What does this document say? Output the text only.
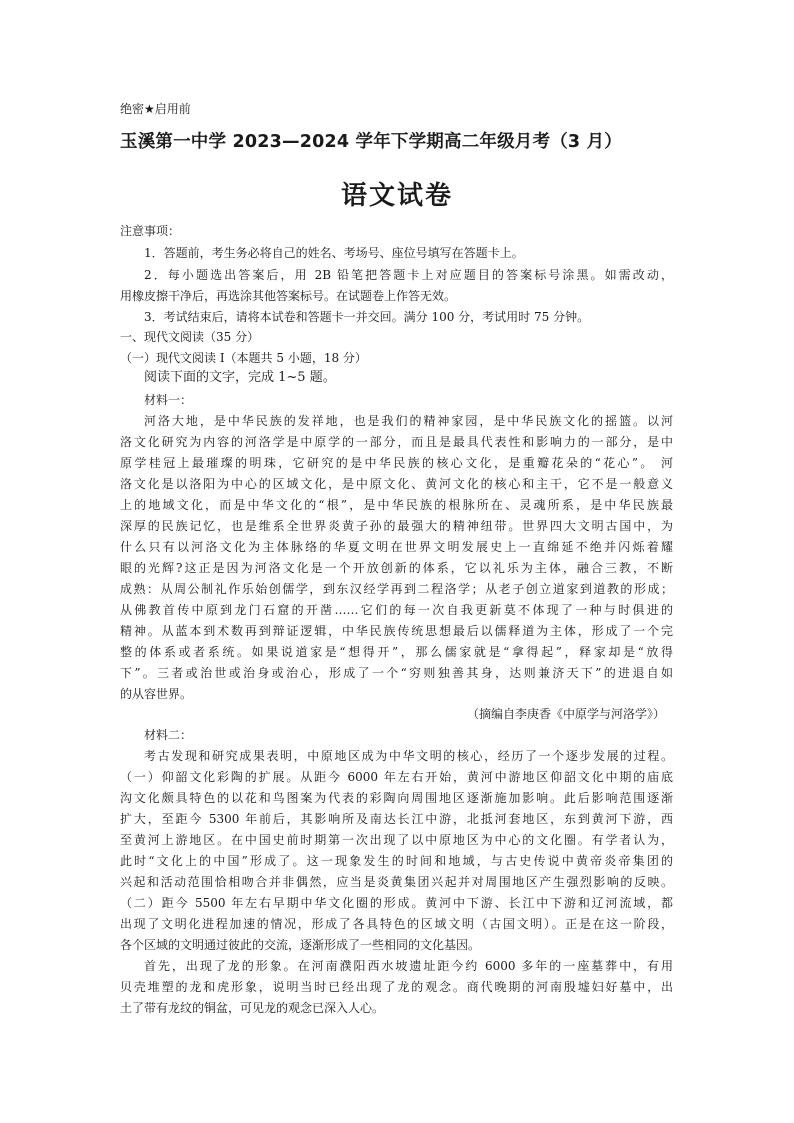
绝密★启用前
玉溪第一中学 2023—2024 学年下学期高二年级月考（3 月）
语文试卷
注意事项：
1．答题前，考生务必将自己的姓名、考场号、座位号填写在答题卡上。
2．每小题选出答案后，用 2B 铅笔把答题卡上对应题目的答案标号涂黑。如需改动，
用橡皮擦干净后，再选涂其他答案标号。在试题卷上作答无效。
3．考试结束后，请将本试卷和答题卡一并交回。满分 100 分，考试用时 75 分钟。
一、现代文阅读（35 分）
（一）现代文阅读 I（本题共 5 小题，18 分）
阅读下面的文字，完成 1~5 题。
材料一：
河洛大地，是中华民族的发祥地，也是我们的精神家园，是中华民族文化的摇篮。以河
洛文化研究为内容的河洛学是中原学的一部分，而且是最具代表性和影响力的一部分，是中
原学桂冠上最璀璨的明珠，它研究的是中华民族的核心文化，是重瓣花朵的“花心”。 河
洛文化是以洛阳为中心的区域文化，是中原文化、黄河文化的核心和主干，它不是一般意义
上的地域文化，而是中华文化的“根”，是中华民族的根脉所在、灵魂所系，是中华民族最
深厚的民族记忆，也是维系全世界炎黄子孙的最强大的精神纽带。世界四大文明古国中，为
什么只有以河洛文化为主体脉络的华夏文明在世界文明发展史上一直绵延不绝并闪烁着耀
眼的光辉?这正是因为河洛文化是一个开放创新的体系，它以礼乐为主体，融合三教，不断
成熟：从周公制礼作乐始创儒学，到东汉经学再到二程洛学；从老子创立道家到道教的形成；
从佛教首传中原到龙门石窟的开凿……它们的每一次自我更新莫不体现了一种与时俱进的
精神。从蓝本到术数再到辩证逻辑，中华民族传统思想最后以儒释道为主体，形成了一个完
整的体系或者系统。如果说道家是“想得开”，那么儒家就是“拿得起”，释家却是“放得
下”。三者或治世或治身或治心，形成了一个“穷则独善其身，达则兼济天下”的进退自如
的从容世界。
（摘编自李庚香《中原学与河洛学》）
材料二：
考古发现和研究成果表明，中原地区成为中华文明的核心，经历了一个逐步发展的过程。
（一）仰韶文化彩陶的扩展。从距今 6000 年左右开始，黄河中游地区仰韶文化中期的庙底
沟文化颇具特色的以花和鸟图案为代表的彩陶向周围地区逐渐施加影响。此后影响范围逐渐
扩大，至距今 5300 年前后，其影响所及南达长江中游，北抵河套地区，东到黄河下游，西
至黄河上游地区。在中国史前时期第一次出现了以中原地区为中心的文化圈。有学者认为，
此时“文化上的中国”形成了。这一现象发生的时间和地域，与古史传说中黄帝炎帝集团的
兴起和活动范围恰相吻合并非偶然，应当是炎黄集团兴起并对周围地区产生强烈影响的反映。
（二）距今 5500 年左右早期中华文化圈的形成。黄河中下游、长江中下游和辽河流域，都
出现了文明化进程加速的情况，形成了各具特色的区域文明（古国文明）。正是在这一阶段，
各个区域的文明通过彼此的交流，逐渐形成了一些相同的文化基因。
首先，出现了龙的形象。在河南濮阳西水坡遗址距今约 6000 多年的一座墓葬中，有用
贝壳堆塑的龙和虎形象，说明当时已经出现了龙的观念。商代晚期的河南殷墟妇好墓中，出
土了带有龙纹的铜盆，可见龙的观念已深入人心。
